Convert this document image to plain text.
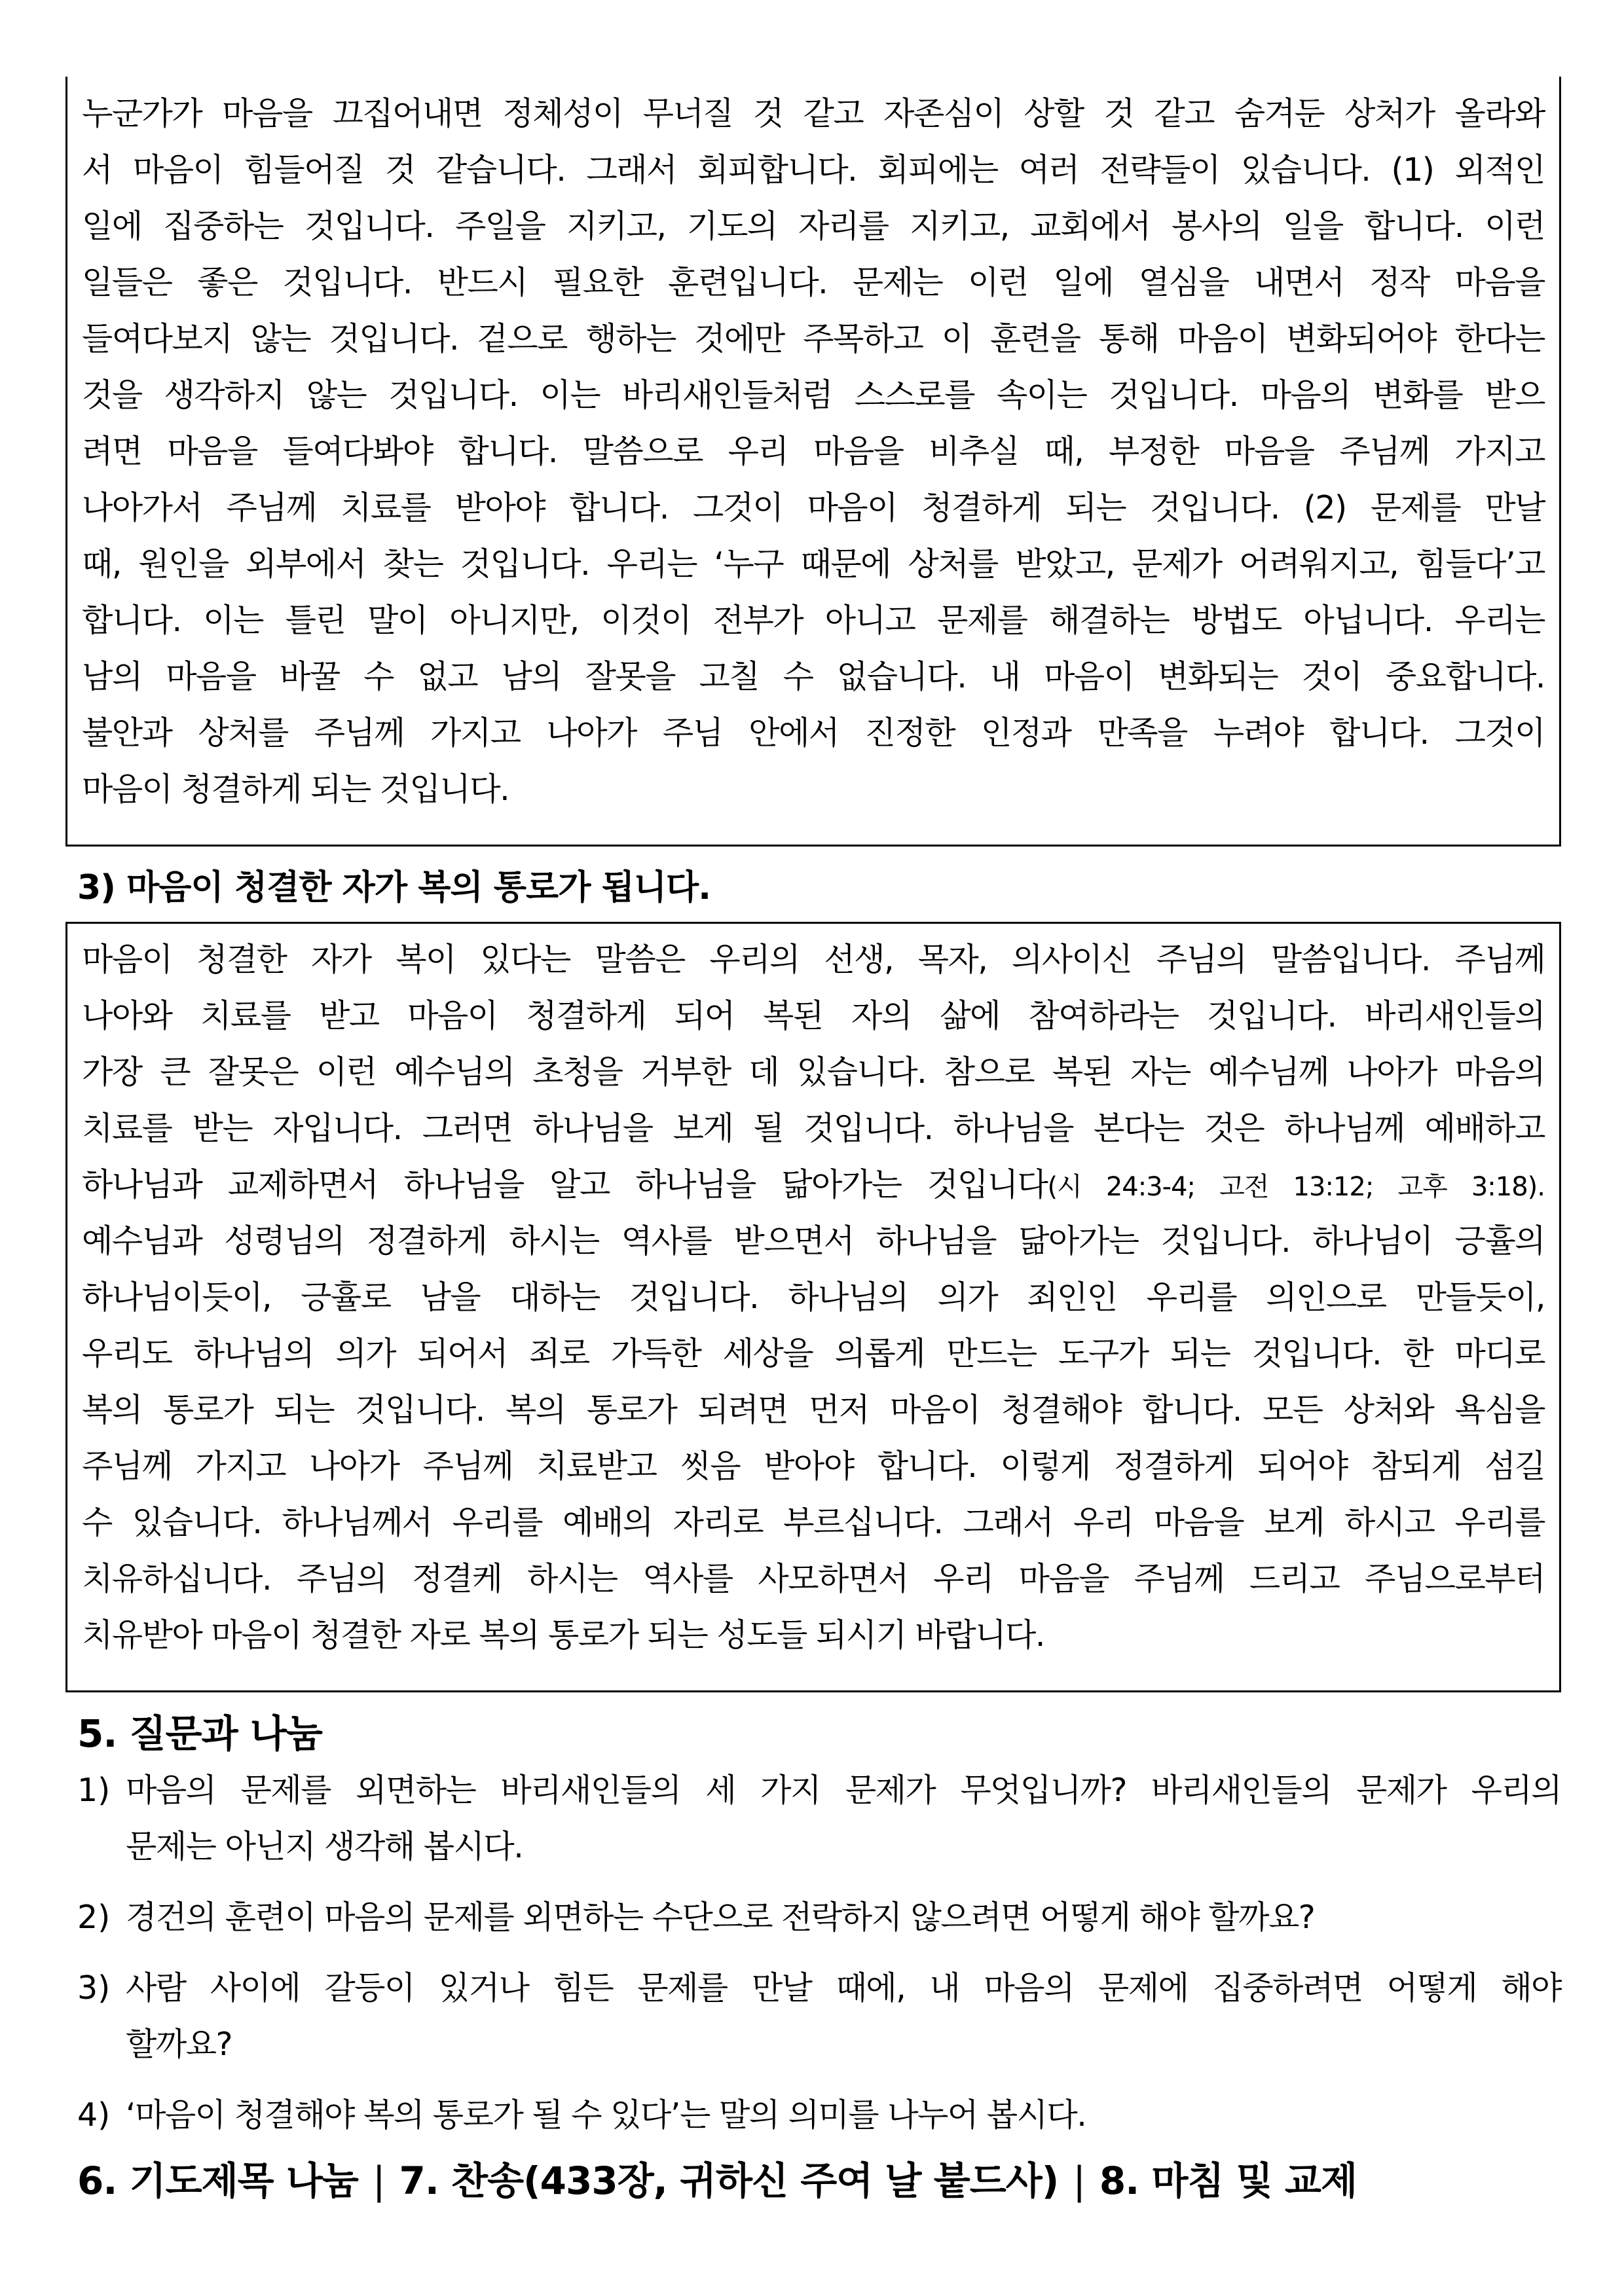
누군가가 마음을 끄집어내면 정체성이 무너질 것 같고 자존심이 상할 것 같고 숨겨둔 상처가 올라와
서 마음이 힘들어질 것 같습니다. 그래서 회피합니다. 회피에는 여러 전략들이 있습니다. (1) 외적인
일에 집중하는 것입니다. 주일을 지키고, 기도의 자리를 지키고, 교회에서 봉사의 일을 합니다. 이런
일들은 좋은 것입니다. 반드시 필요한 훈련입니다. 문제는 이런 일에 열심을 내면서 정작 마음을
들여다보지 않는 것입니다. 겉으로 행하는 것에만 주목하고 이 훈련을 통해 마음이 변화되어야 한다는
것을 생각하지 않는 것입니다. 이는 바리새인들처럼 스스로를 속이는 것입니다. 마음의 변화를 받으
려면 마음을 들여다봐야 합니다. 말씀으로 우리 마음을 비추실 때, 부정한 마음을 주님께 가지고
나아가서 주님께 치료를 받아야 합니다. 그것이 마음이 청결하게 되는 것입니다. (2) 문제를 만날
때, 원인을 외부에서 찾는 것입니다. 우리는 ‘누구 때문에 상처를 받았고, 문제가 어려워지고, 힘들다’고
합니다. 이는 틀린 말이 아니지만, 이것이 전부가 아니고 문제를 해결하는 방법도 아닙니다. 우리는
남의 마음을 바꿀 수 없고 남의 잘못을 고칠 수 없습니다. 내 마음이 변화되는 것이 중요합니다.
불안과 상처를 주님께 가지고 나아가 주님 안에서 진정한 인정과 만족을 누려야 합니다. 그것이
마음이 청결하게 되는 것입니다.
3) 마음이 청결한 자가 복의 통로가 됩니다.
마음이 청결한 자가 복이 있다는 말씀은 우리의 선생, 목자, 의사이신 주님의 말씀입니다. 주님께
나아와 치료를 받고 마음이 청결하게 되어 복된 자의 삶에 참여하라는 것입니다. 바리새인들의
가장 큰 잘못은 이런 예수님의 초청을 거부한 데 있습니다. 참으로 복된 자는 예수님께 나아가 마음의
치료를 받는 자입니다. 그러면 하나님을 보게 될 것입니다. 하나님을 본다는 것은 하나님께 예배하고
하나님과 교제하면서 하나님을 알고 하나님을 닮아가는 것입니다(시 24:3-4; 고전 13:12; 고후 3:18).
예수님과 성령님의 정결하게 하시는 역사를 받으면서 하나님을 닮아가는 것입니다. 하나님이 긍휼의
하나님이듯이, 긍휼로 남을 대하는 것입니다. 하나님의 의가 죄인인 우리를 의인으로 만들듯이,
우리도 하나님의 의가 되어서 죄로 가득한 세상을 의롭게 만드는 도구가 되는 것입니다. 한 마디로
복의 통로가 되는 것입니다. 복의 통로가 되려면 먼저 마음이 청결해야 합니다. 모든 상처와 욕심을
주님께 가지고 나아가 주님께 치료받고 씻음 받아야 합니다. 이렇게 정결하게 되어야 참되게 섬길
수 있습니다. 하나님께서 우리를 예배의 자리로 부르십니다. 그래서 우리 마음을 보게 하시고 우리를
치유하십니다. 주님의 정결케 하시는 역사를 사모하면서 우리 마음을 주님께 드리고 주님으로부터
치유받아 마음이 청결한 자로 복의 통로가 되는 성도들 되시기 바랍니다.
5. 질문과 나눔
1) 마음의 문제를 외면하는 바리새인들의 세 가지 문제가 무엇입니까? 바리새인들의 문제가 우리의
문제는 아닌지 생각해 봅시다.
2) 경건의 훈련이 마음의 문제를 외면하는 수단으로 전락하지 않으려면 어떻게 해야 할까요?
3) 사람 사이에 갈등이 있거나 힘든 문제를 만날 때에, 내 마음의 문제에 집중하려면 어떻게 해야
할까요?
4) ‘마음이 청결해야 복의 통로가 될 수 있다’는 말의 의미를 나누어 봅시다.
6. 기도제목 나눔 | 7. 찬송(433장, 귀하신 주여 날 붙드사) | 8. 마침 및 교제
